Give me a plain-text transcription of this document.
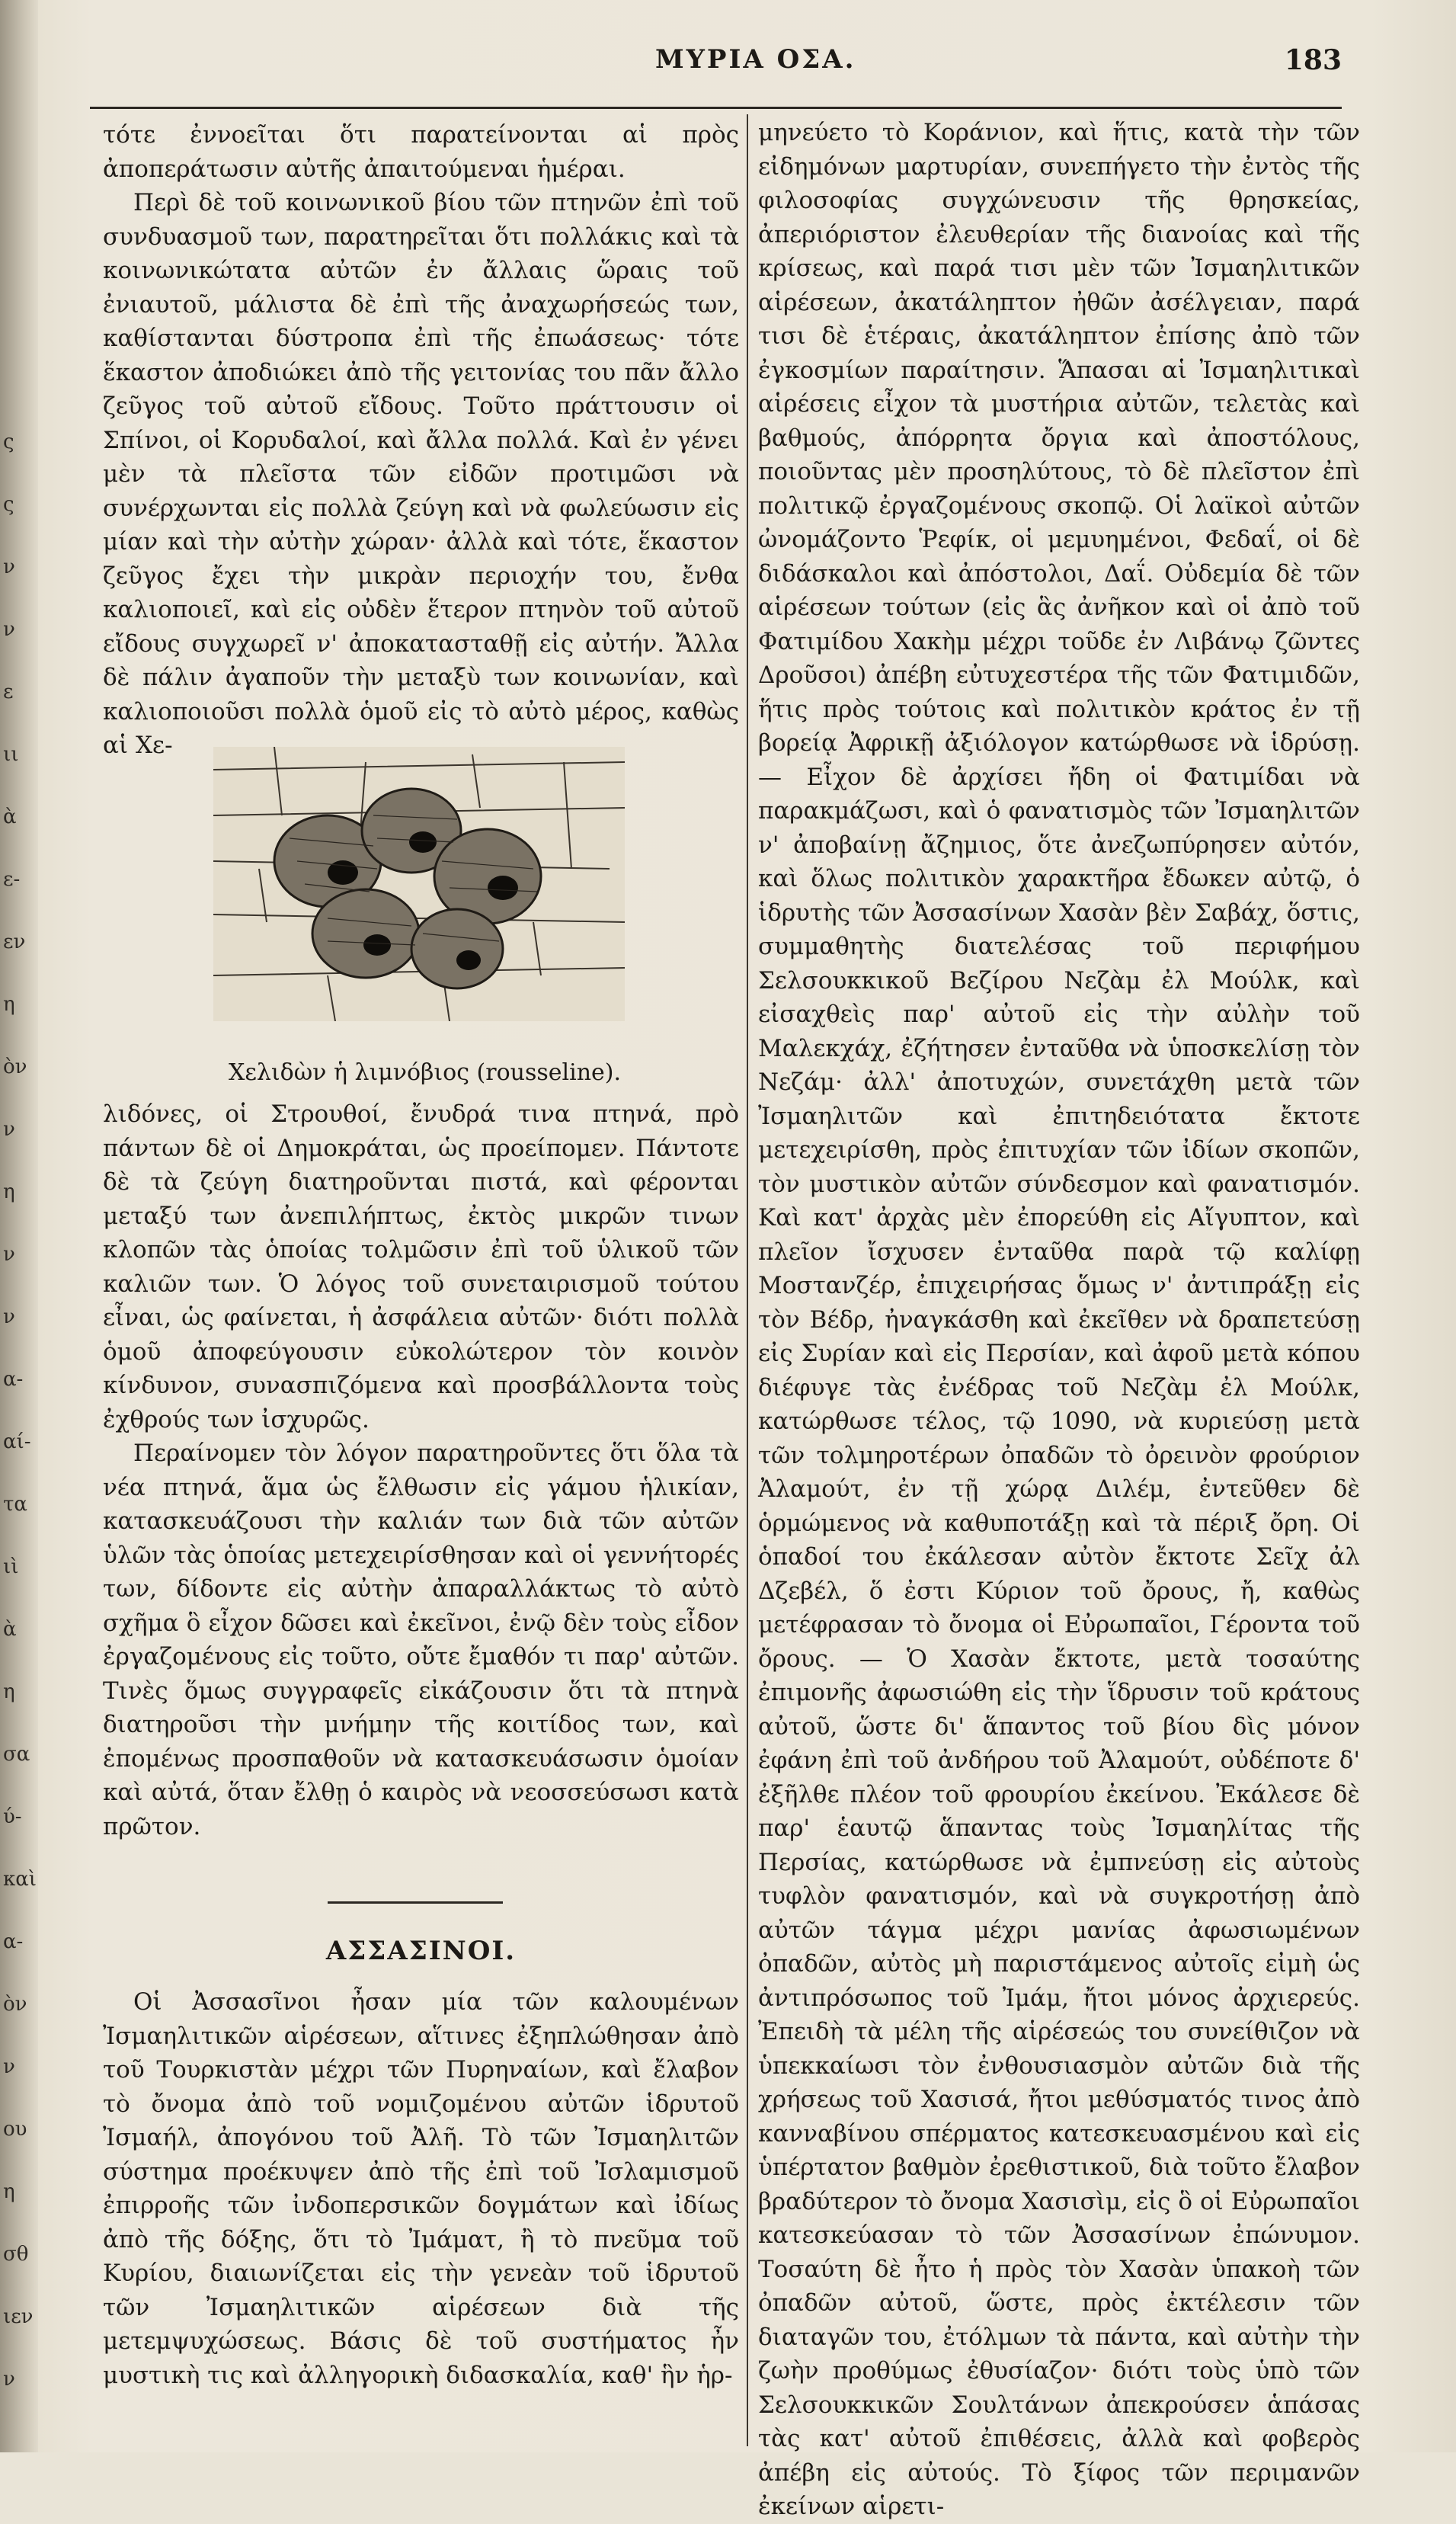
ς
ς
ν
ν
ε
ιι
ὰ
ε-
εν
η
ὸν
ν
η
ν
ν
α-
αί-
τα
ιὶ
ὰ
η
σα
ύ-
καὶ
α-
ὸν
ν
ου
η
σθ
ιεν
ν
ΜΥΡΙΑ ΟΣΑ.	183

τότε ἐννοεῖται ὅτι παρατείνονται αἱ πρὸς ἀποπεράτωσιν αὐτῆς ἀπαιτούμεναι ἡμέραι.

Περὶ δὲ τοῦ κοινωνικοῦ βίου τῶν πτηνῶν ἐπὶ τοῦ συνδυασμοῦ των, παρατηρεῖται ὅτι πολλάκις καὶ τὰ κοινωνικώτατα αὐτῶν ἐν ἄλλαις ὥραις τοῦ ἐνιαυτοῦ, μάλιστα δὲ ἐπὶ τῆς ἀναχωρήσεώς των, καθίστανται δύστροπα ἐπὶ τῆς ἐπωάσεως· τότε ἕκαστον ἀποδιώκει ἀπὸ τῆς γειτονίας του πᾶν ἄλλο ζεῦγος τοῦ αὐτοῦ εἴδους. Τοῦτο πράττουσιν οἱ Σπίνοι, οἱ Κορυδαλοί, καὶ ἄλλα πολλά. Καὶ ἐν γένει μὲν τὰ πλεῖστα τῶν εἰδῶν προτιμῶσι νὰ συνέρχωνται εἰς πολλὰ ζεύγη καὶ νὰ φωλεύωσιν εἰς μίαν καὶ τὴν αὐτὴν χώραν· ἀλλὰ καὶ τότε, ἕκαστον ζεῦγος ἔχει τὴν μικρὰν περιοχήν του, ἔνθα καλιοποιεῖ, καὶ εἰς οὐδὲν ἕτερον πτηνὸν τοῦ αὐτοῦ εἴδους συγχωρεῖ ν' ἀποκατασταθῇ εἰς αὐτήν. Ἄλλα δὲ πάλιν ἀγαποῦν τὴν μεταξὺ των κοινωνίαν, καὶ καλιοποιοῦσι πολλὰ ὁμοῦ εἰς τὸ αὐτὸ μέρος, καθὼς αἱ Χε-

Χελιδὼν ἡ λιμνόβιος (rousseline).

λιδόνες, οἱ Στρουθοί, ἔνυδρά τινα πτηνά, πρὸ πάντων δὲ οἱ Δημοκράται, ὡς προείπομεν. Πάντοτε δὲ τὰ ζεύγη διατηροῦνται πιστά, καὶ φέρονται μεταξύ των ἀνεπιλήπτως, ἐκτὸς μικρῶν τινων κλοπῶν τὰς ὁποίας τολμῶσιν ἐπὶ τοῦ ὑλικοῦ τῶν καλιῶν των. Ὁ λόγος τοῦ συνεταιρισμοῦ τούτου εἶναι, ὡς φαίνεται, ἡ ἀσφάλεια αὐτῶν· διότι πολλὰ ὁμοῦ ἀποφεύγουσιν εὐκολώτερον τὸν κοινὸν κίνδυνον, συνασπιζόμενα καὶ προσβάλλοντα τοὺς ἐχθρούς των ἰσχυρῶς.

Περαίνομεν τὸν λόγον παρατηροῦντες ὅτι ὅλα τὰ νέα πτηνά, ἅμα ὡς ἔλθωσιν εἰς γάμου ἡλικίαν, κατασκευάζουσι τὴν καλιάν των διὰ τῶν αὐτῶν ὑλῶν τὰς ὁποίας μετεχειρίσθησαν καὶ οἱ γεννήτορές των, δίδοντε εἰς αὐτὴν ἀπαραλλάκτως τὸ αὐτὸ σχῆμα ὃ εἶχον δῶσει καὶ ἐκεῖνοι, ἐνῷ δὲν τοὺς εἶδον ἐργαζομένους εἰς τοῦτο, οὔτε ἔμαθόν τι παρ' αὐτῶν. Τινὲς ὅμως συγγραφεῖς εἰκάζουσιν ὅτι τὰ πτηνὰ διατηροῦσι τὴν μνήμην τῆς κοιτίδος των, καὶ ἐπομένως προσπαθοῦν νὰ κατασκευάσωσιν ὁμοίαν καὶ αὐτά, ὅταν ἔλθῃ ὁ καιρὸς νὰ νεοσσεύσωσι κατὰ πρῶτον.

ΑΣΣΑΣΙΝΟΙ.

Οἱ Ἀσσασῖνοι ἦσαν μία τῶν καλουμένων Ἰσμαηλιτικῶν αἱρέσεων, αἵτινες ἐξηπλώθησαν ἀπὸ τοῦ Τουρκιστὰν μέχρι τῶν Πυρηναίων, καὶ ἔλαβον τὸ ὄνομα ἀπὸ τοῦ νομιζομένου αὐτῶν ἱδρυτοῦ Ἰσμαήλ, ἀπογόνου τοῦ Ἀλῆ. Τὸ τῶν Ἰσμαηλιτῶν σύστημα προέκυψεν ἀπὸ τῆς ἐπὶ τοῦ Ἰσλαμισμοῦ ἐπιρροῆς τῶν ἰνδοπερσικῶν δογμάτων καὶ ἰδίως ἀπὸ τῆς δόξης, ὅτι τὸ Ἰμάματ, ἢ τὸ πνεῦμα τοῦ Κυρίου, διαιωνίζεται εἰς τὴν γενεὰν τοῦ ἱδρυτοῦ τῶν Ἰσμαηλιτικῶν αἱρέσεων διὰ τῆς μετεμψυχώσεως. Βάσις δὲ τοῦ συστήματος ἦν μυστικὴ τις καὶ ἀλληγορικὴ διδασκαλία, καθ' ἣν ἡρ-

μηνεύετο τὸ Κοράνιον, καὶ ἥτις, κατὰ τὴν τῶν εἰδημόνων μαρτυρίαν, συνεπήγετο τὴν ἐντὸς τῆς φιλοσοφίας συγχώνευσιν τῆς θρησκείας, ἀπεριόριστον ἐλευθερίαν τῆς διανοίας καὶ τῆς κρίσεως, καὶ παρά τισι μὲν τῶν Ἰσμαηλιτικῶν αἱρέσεων, ἀκατάληπτον ἠθῶν ἀσέλγειαν, παρά τισι δὲ ἑτέραις, ἀκατάληπτον ἐπίσης ἀπὸ τῶν ἐγκοσμίων παραίτησιν. Ἅπασαι αἱ Ἰσμαηλιτικαὶ αἱρέσεις εἶχον τὰ μυστήρια αὐτῶν, τελετὰς καὶ βαθμούς, ἀπόρρητα ὄργια καὶ ἀποστόλους, ποιοῦντας μὲν προσηλύτους, τὸ δὲ πλεῖστον ἐπὶ πολιτικῷ ἐργαζομένους σκοπῷ. Οἱ λαϊκοὶ αὐτῶν ὠνομάζοντο Ῥεφίκ, οἱ μεμυημένοι, Φεδαΐ, οἱ δὲ διδάσκαλοι καὶ ἀπόστολοι, Δαΐ. Οὐδεμία δὲ τῶν αἱρέσεων τούτων (εἰς ἃς ἀνῆκον καὶ οἱ ἀπὸ τοῦ Φατιμίδου Χακὴμ μέχρι τοῦδε ἐν Λιβάνῳ ζῶντες Δροῦσοι) ἀπέβη εὐτυχεστέρα τῆς τῶν Φατιμιδῶν, ἥτις πρὸς τούτοις καὶ πολιτικὸν κράτος ἐν τῇ βορείᾳ Ἀφρικῇ ἀξιόλογον κατώρθωσε νὰ ἱδρύσῃ. — Εἶχον δὲ ἀρχίσει ἤδη οἱ Φατιμίδαι νὰ παρακμάζωσι, καὶ ὁ φανατισμὸς τῶν Ἰσμαηλιτῶν ν' ἀποβαίνῃ ἄζημιος, ὅτε ἀνεζωπύρησεν αὐτόν, καὶ ὅλως πολιτικὸν χαρακτῆρα ἔδωκεν αὐτῷ, ὁ ἱδρυτὴς τῶν Ἀσσασίνων Χασὰν βὲν Σαβάχ, ὅστις, συμμαθητὴς διατελέσας τοῦ περιφήμου Σελσουκκικοῦ Βεζίρου Νεζὰμ ἐλ Μούλκ, καὶ εἰσαχθεὶς παρ' αὐτοῦ εἰς τὴν αὐλὴν τοῦ Μαλεκχάχ, ἐζήτησεν ἐνταῦθα νὰ ὑποσκελίσῃ τὸν Νεζάμ· ἀλλ' ἀποτυχών, συνετάχθη μετὰ τῶν Ἰσμαηλιτῶν καὶ ἐπιτηδειότατα ἔκτοτε μετεχειρίσθη, πρὸς ἐπιτυχίαν τῶν ἰδίων σκοπῶν, τὸν μυστικὸν αὐτῶν σύνδεσμον καὶ φανατισμόν. Καὶ κατ' ἀρχὰς μὲν ἐπορεύθη εἰς Αἴγυπτον, καὶ πλεῖον ἴσχυσεν ἐνταῦθα παρὰ τῷ καλίφῃ Μοστανζέρ, ἐπιχειρήσας ὅμως ν' ἀντιπράξῃ εἰς τὸν Βέδρ, ἠναγκάσθη καὶ ἐκεῖθεν νὰ δραπετεύσῃ εἰς Συρίαν καὶ εἰς Περσίαν, καὶ ἀφοῦ μετὰ κόπου διέφυγε τὰς ἐνέδρας τοῦ Νεζὰμ ἐλ Μούλκ, κατώρθωσε τέλος, τῷ 1090, νὰ κυριεύσῃ μετὰ τῶν τολμηροτέρων ὀπαδῶν τὸ ὀρεινὸν φρούριον Ἀλαμούτ, ἐν τῇ χώρᾳ Διλέμ, ἐντεῦθεν δὲ ὁρμώμενος νὰ καθυποτάξῃ καὶ τὰ πέριξ ὄρη. Οἱ ὁπαδοί του ἐκάλεσαν αὐτὸν ἔκτοτε Σεῖχ ἀλ Δζεβέλ, ὅ ἐστι Κύριον τοῦ ὄρους, ἤ, καθὼς μετέφρασαν τὸ ὄνομα οἱ Εὐρωπαῖοι, Γέροντα τοῦ ὄρους. — Ὁ Χασὰν ἔκτοτε, μετὰ τοσαύτης ἐπιμονῆς ἀφωσιώθη εἰς τὴν ἵδρυσιν τοῦ κράτους αὐτοῦ, ὥστε δι' ἅπαντος τοῦ βίου δὶς μόνον ἐφάνη ἐπὶ τοῦ ἀνδήρου τοῦ Ἀλαμούτ, οὐδέποτε δ' ἐξῆλθε πλέον τοῦ φρουρίου ἐκείνου. Ἐκάλεσε δὲ παρ' ἑαυτῷ ἅπαντας τοὺς Ἰσμαηλίτας τῆς Περσίας, κατώρθωσε νὰ ἐμπνεύσῃ εἰς αὐτοὺς τυφλὸν φανατισμόν, καὶ νὰ συγκροτήσῃ ἀπὸ αὐτῶν τάγμα μέχρι μανίας ἀφωσιωμένων ὀπαδῶν, αὐτὸς μὴ παριστάμενος αὐτοῖς εἰμὴ ὡς ἀντιπρόσωπος τοῦ Ἰμάμ, ἤτοι μόνος ἀρχιερεύς. Ἐπειδὴ τὰ μέλη τῆς αἱρέσεώς του συνείθιζον νὰ ὑπεκκαίωσι τὸν ἐνθουσιασμὸν αὐτῶν διὰ τῆς χρήσεως τοῦ Χασισά, ἤτοι μεθύσματός τινος ἀπὸ κανναβίνου σπέρματος κατεσκευασμένου καὶ εἰς ὑπέρτατον βαθμὸν ἐρεθιστικοῦ, διὰ τοῦτο ἔλαβον βραδύτερον τὸ ὄνομα Χασισὶμ, εἰς ὃ οἱ Εὐρωπαῖοι κατεσκεύασαν τὸ τῶν Ἀσσασίνων ἐπώνυμον. Τοσαύτη δὲ ἦτο ἡ πρὸς τὸν Χασὰν ὑπακοὴ τῶν ὀπαδῶν αὐτοῦ, ὥστε, πρὸς ἐκτέλεσιν τῶν διαταγῶν του, ἐτόλμων τὰ πάντα, καὶ αὐτὴν τὴν ζωὴν προθύμως ἐθυσίαζον· διότι τοὺς ὑπὸ τῶν Σελσουκκικῶν Σουλτάνων ἀπεκρούσεν ἁπάσας τὰς κατ' αὐτοῦ ἐπιθέσεις, ἀλλὰ καὶ φοβερὸς ἀπέβη εἰς αὐτούς. Τὸ ξίφος τῶν περιμανῶν ἐκείνων αἱρετι-
